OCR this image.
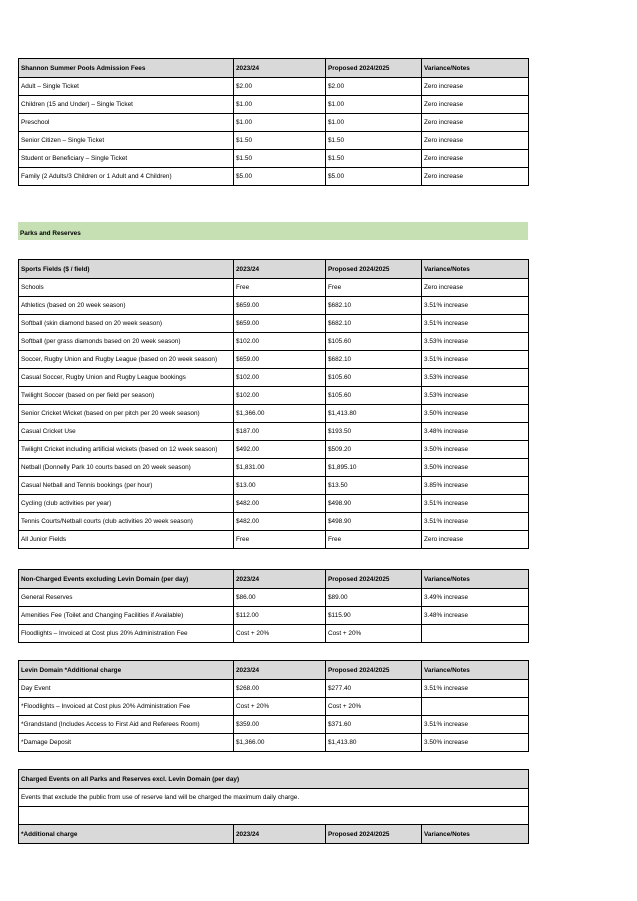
Shannon Summer Pools Admission Fees	2023/24	Proposed 2024/2025	Variance/Notes
Adult – Single Ticket	$2.00	$2.00	Zero increase
Children (15 and Under) – Single Ticket	$1.00	$1.00	Zero increase
Preschool	$1.00	$1.00	Zero increase
Senior Citizen – Single Ticket	$1.50	$1.50	Zero increase
Student or Beneficiary – Single Ticket	$1.50	$1.50	Zero increase
Family (2 Adults/3 Children or 1 Adult and 4 Children)	$5.00	$5.00	Zero increase
Parks and Reserves
Sports Fields ($ / field)	2023/24	Proposed 2024/2025	Variance/Notes
Schools	Free	Free	Zero increase
Athletics (based on 20 week season)	$659.00	$682.10	3.51% increase
Softball (skin diamond based on 20 week season)	$659.00	$682.10	3.51% increase
Softball (per grass diamonds based on 20 week season)	$102.00	$105.60	3.53% increase
Soccer, Rugby Union and Rugby League (based on 20 week season)	$659.00	$682.10	3.51% increase
Casual Soccer, Rugby Union and Rugby League bookings	$102.00	$105.60	3.53% increase
Twilight Soccer (based on per field per season)	$102.00	$105.60	3.53% increase
Senior Cricket Wicket (based on per pitch per 20 week season)	$1,366.00	$1,413.80	3.50% increase
Casual Cricket Use	$187.00	$193.50	3.48% increase
Twilight Cricket including artificial wickets (based on 12 week season)	$492.00	$509.20	3.50% increase
Netball (Donnelly Park 10 courts based on 20 week season)	$1,831.00	$1,895.10	3.50% increase
Casual Netball and Tennis bookings (per hour)	$13.00	$13.50	3.85% increase
Cycling (club activities per year)	$482.00	$498.90	3.51% increase
Tennis Courts/Netball courts (club activities 20 week season)	$482.00	$498.90	3.51% increase
All Junior Fields	Free	Free	Zero increase
Non-Charged Events excluding Levin Domain (per day)	2023/24	Proposed 2024/2025	Variance/Notes
General Reserves	$86.00	$89.00	3.49% increase
Amenities Fee (Toilet and Changing Facilities if Available)	$112.00	$115.90	3.48% increase
Floodlights – Invoiced at Cost plus 20% Administration Fee	Cost + 20%	Cost + 20%	
Levin Domain *Additional charge	2023/24	Proposed 2024/2025	Variance/Notes
Day Event	$268.00	$277.40	3.51% increase
*Floodlights – Invoiced at Cost plus 20% Administration Fee	Cost + 20%	Cost + 20%	
*Grandstand (Includes Access to First Aid and Referees Room)	$359.00	$371.60	3.51% increase
*Damage Deposit	$1,366.00	$1,413.80	3.50% increase
Charged Events on all Parks and Reserves excl. Levin Domain (per day)
Events that exclude the public from use of reserve land will be charged the maximum daily charge.

*Additional charge	2023/24	Proposed 2024/2025	Variance/Notes
